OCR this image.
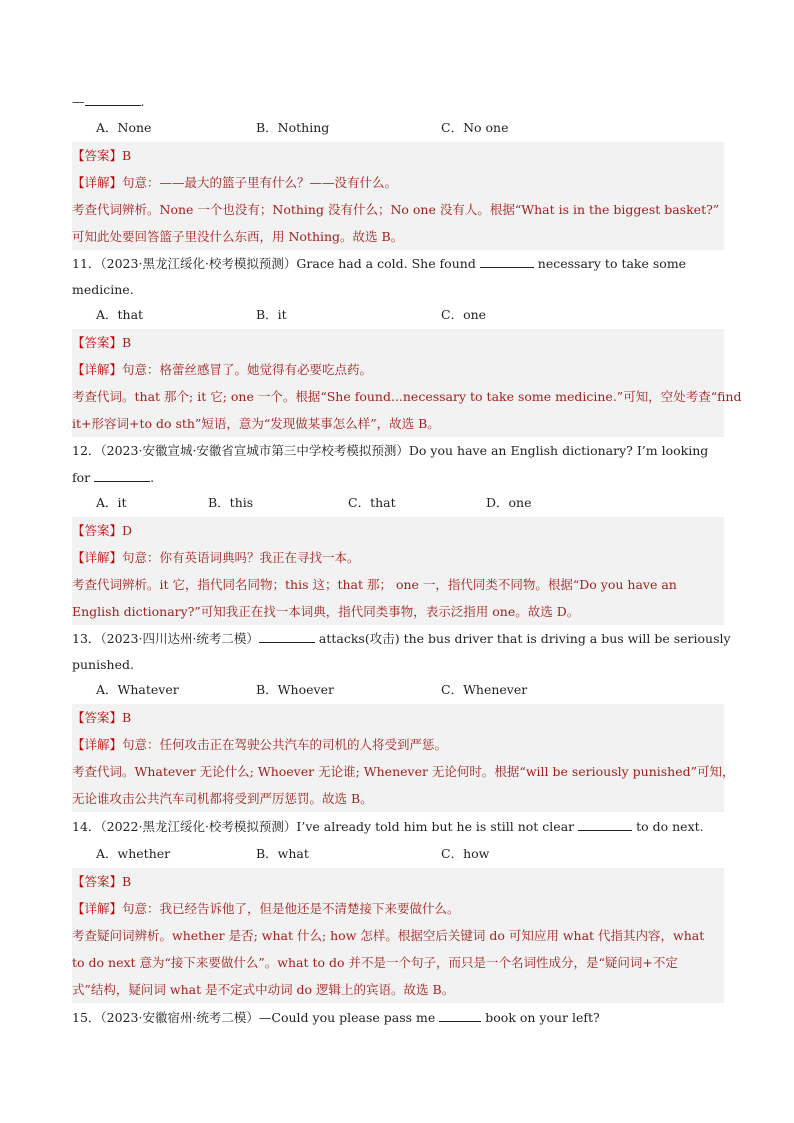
—	.
A．None	B．Nothing	C．No one
【答案】B
【详解】句意：——最大的篮子里有什么？——没有什么。
考查代词辨析。None 一个也没有；Nothing 没有什么；No one 没有人。根据“What is in the biggest basket?”
可知此处要回答篮子里没什么东西，用 Nothing。故选 B。
11．（2023·黑龙江绥化·校考模拟预测）Grace had a cold. She found	necessary to take some
medicine.
A．that	B．it	C．one
【答案】B
【详解】句意：格蕾丝感冒了。她觉得有必要吃点药。
考查代词。that 那个; it 它; one 一个。根据“She found...necessary to take some medicine.”可知，空处考查“find
it+形容词+to do sth”短语，意为“发现做某事怎么样”，故选 B。
12．（2023·安徽宣城·安徽省宣城市第三中学校考模拟预测）Do you have an English dictionary? I’m looking
for	.
A．it	B．this	C．that	D．one
【答案】D
【详解】句意：你有英语词典吗？我正在寻找一本。
考查代词辨析。it 它，指代同名同物；this 这；that 那； one 一，指代同类不同物。根据“Do you have an
English dictionary?”可知我正在找一本词典，指代同类事物，表示泛指用 one。故选 D。
13．（2023·四川达州·统考二模）	attacks(攻击) the bus driver that is driving a bus will be seriously
punished.
A．Whatever	B．Whoever	C．Whenever
【答案】B
【详解】句意：任何攻击正在驾驶公共汽车的司机的人将受到严惩。
考查代词。Whatever 无论什么; Whoever 无论谁; Whenever 无论何时。根据“will be seriously punished”可知，
无论谁攻击公共汽车司机都将受到严厉惩罚。故选 B。
14．（2022·黑龙江绥化·校考模拟预测）I’ve already told him but he is still not clear	to do next.
A．whether	B．what	C．how
【答案】B
【详解】句意：我已经告诉他了，但是他还是不清楚接下来要做什么。
考查疑问词辨析。whether 是否; what 什么; how 怎样。根据空后关键词 do 可知应用 what 代指其内容，what
to do next 意为“接下来要做什么”。what to do 并不是一个句子，而只是一个名词性成分，是“疑问词+不定
式”结构，疑问词 what 是不定式中动词 do 逻辑上的宾语。故选 B。
15．（2023·安徽宿州·统考二模）—Could you please pass me	book on your left?
